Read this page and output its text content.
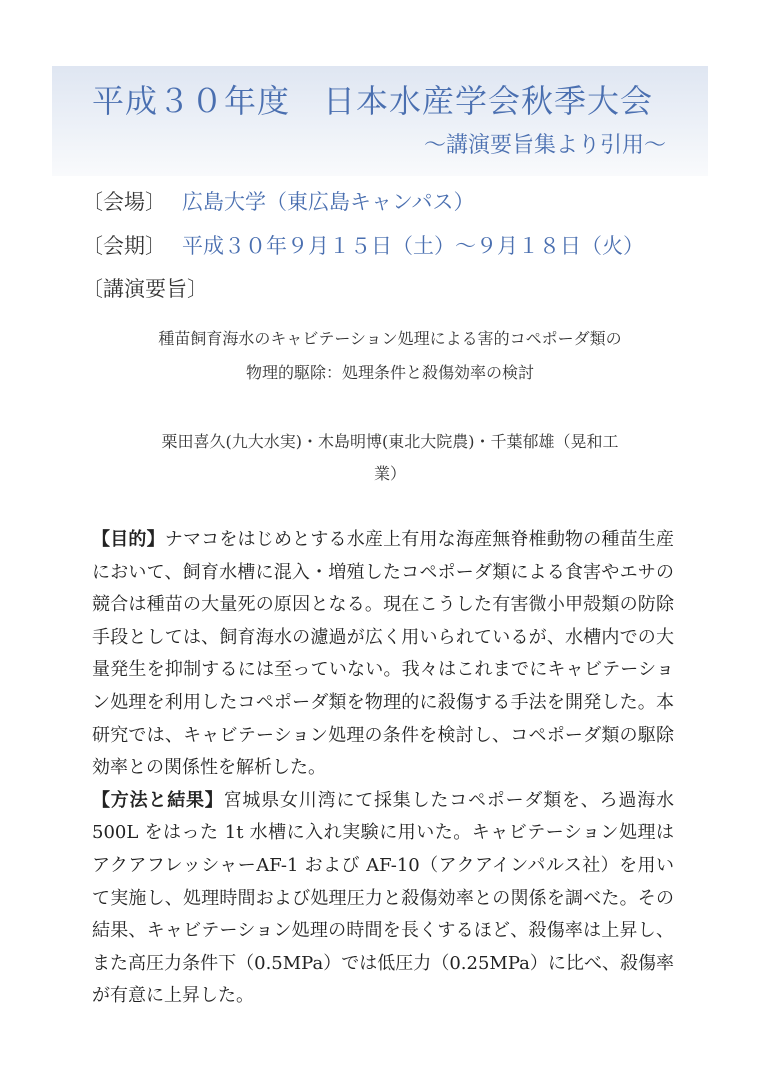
平成３０年度　日本水産学会秋季大会
～講演要旨集より引用～
〔会場〕 広島大学（東広島キャンパス）
〔会期〕 平成３０年９月１５日（土）～９月１８日（火）
〔講演要旨〕
種苗飼育海水のキャビテーション処理による害的コペポーダ類の
物理的駆除：処理条件と殺傷効率の検討
栗田喜久(九大水実)・木島明博(東北大院農)・千葉郁雄（晃和工
業）

【目的】ナマコをはじめとする水産上有用な海産無脊椎動物の種苗生産において、飼育水槽に混入・増殖したコペポーダ類による食害やエサの競合は種苗の大量死の原因となる。現在こうした有害微小甲殻類の防除手段としては、飼育海水の濾過が広く用いられているが、水槽内での大量発生を抑制するには至っていない。我々はこれまでにキャビテーション処理を利用したコペポーダ類を物理的に殺傷する手法を開発した。本研究では、キャビテーション処理の条件を検討し、コペポーダ類の駆除効率との関係性を解析した。

【方法と結果】宮城県女川湾にて採集したコペポーダ類を、ろ過海水 500L をはった 1t 水槽に入れ実験に用いた。キャビテーション処理はアクアフレッシャーAF-1 および AF-10（アクアインパルス社）を用いて実施し、処理時間および処理圧力と殺傷効率との関係を調べた。その結果、キャビテーション処理の時間を長くするほど、殺傷率は上昇し、また高圧力条件下（0.5MPa）では低圧力（0.25MPa）に比べ、殺傷率が有意に上昇した。
